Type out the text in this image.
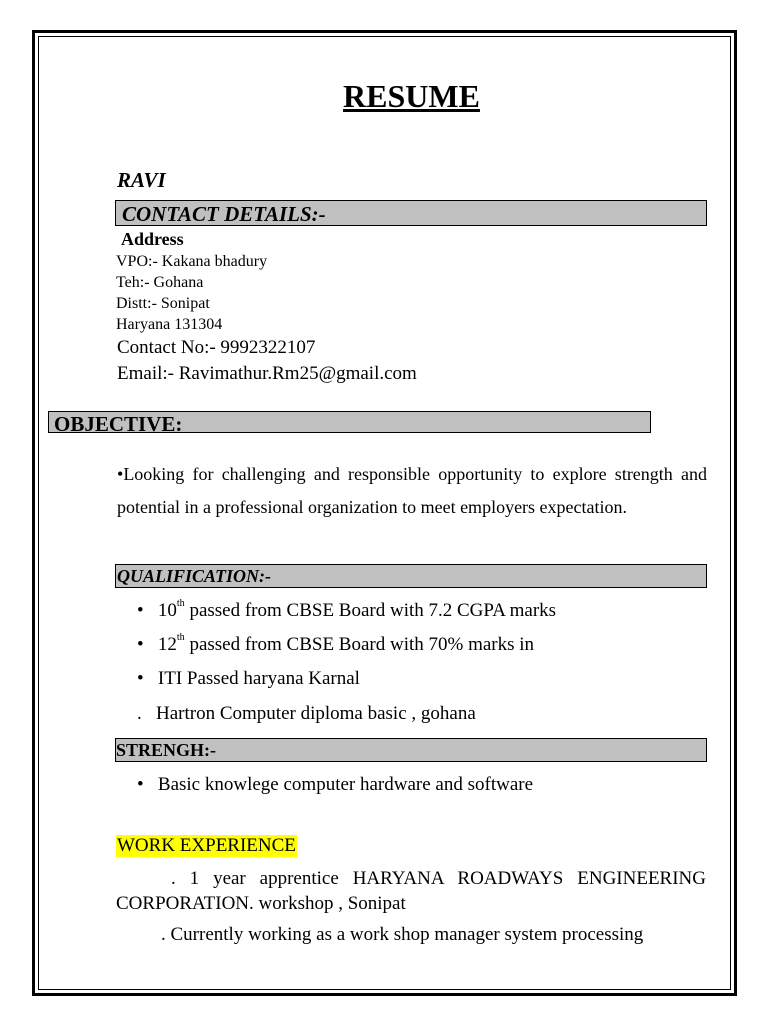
RESUME
RAVI
CONTACT DETAILS:-
Address
VPO:- Kakana bhadury
Teh:- Gohana
Distt:- Sonipat
Haryana 131304
Contact No:- 9992322107
Email:- Ravimathur.Rm25@gmail.com
OBJECTIVE:
•Looking for challenging and responsible opportunity to explore strength and potential in a professional organization to meet employers expectation.
QUALIFICATION:-
• 10th passed from CBSE Board with 7.2 CGPA marks
• 12th passed from CBSE Board with 70% marks in
• ITI Passed haryana Karnal
. Hartron Computer diploma basic , gohana
STRENGH:-
• Basic knowlege computer hardware and software
WORK EXPERIENCE
. 1 year apprentice HARYANA ROADWAYS ENGINEERING CORPORATION. workshop , Sonipat
. Currently working as a work shop manager system processing
